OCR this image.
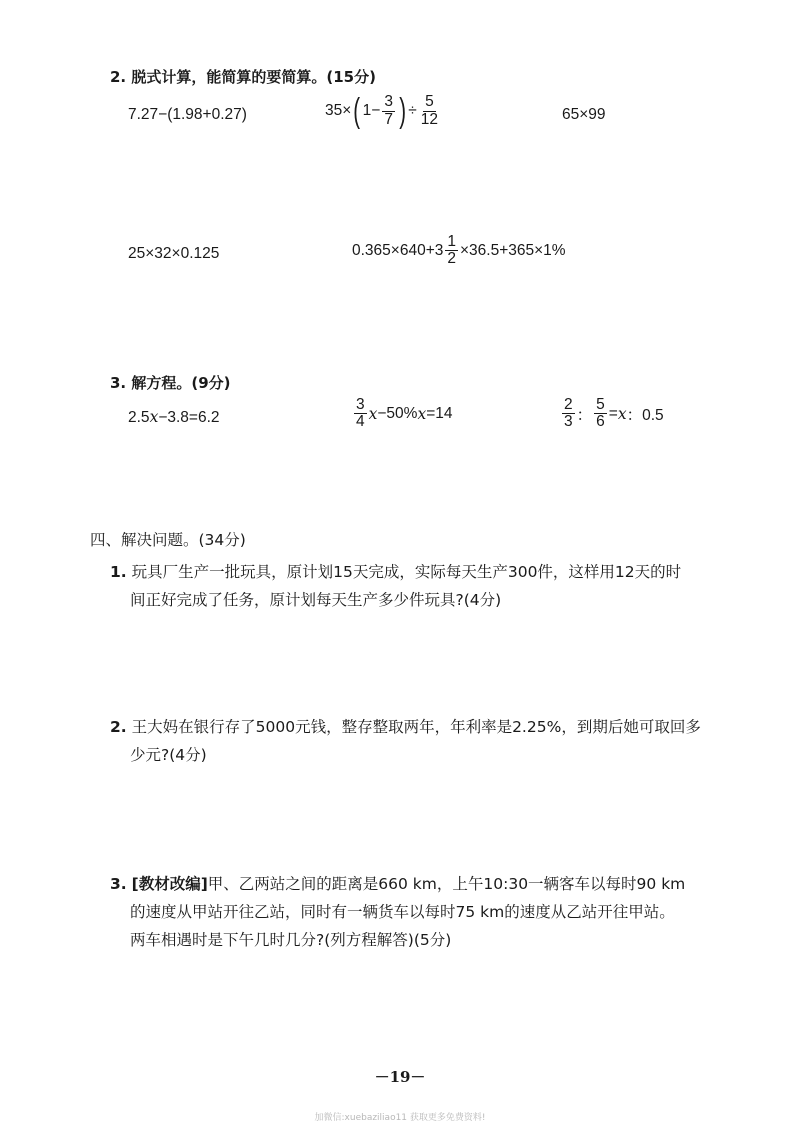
2. 脱式计算，能简算的要简算。(15分)
7.27−(1.98+0.27)	35× ( $1- \frac{3}{7}$ ) ÷ $\frac{5}{12}$	65×99
25×32×0.125	$0.365\times 640+3 \frac{1}{2} \times 36.5+365\times 1\%$
3. 解方程。(9分)
2.5x−3.8=6.2	$\frac{3}{4}$ x −50% x =14	$\frac{2}{3}$ ： $\frac{5}{6} = x$ ：0.5
四、解决问题。(34分)
1. 玩具厂生产一批玩具，原计划15天完成，实际每天生产300件，这样用12天的时
间正好完成了任务，原计划每天生产多少件玩具?(4分)
2. 王大妈在银行存了5000元钱，整存整取两年，年利率是2.25%，到期后她可取回多
少元?(4分)
3. [教材改编]甲、乙两站之间的距离是660 km，上午10:30一辆客车以每时90 km
的速度从甲站开往乙站，同时有一辆货车以每时75 km的速度从乙站开往甲站。
两车相遇时是下午几时几分?(列方程解答)(5分)
－19－
加微信:xuebaziliao11 获取更多免费资料!
